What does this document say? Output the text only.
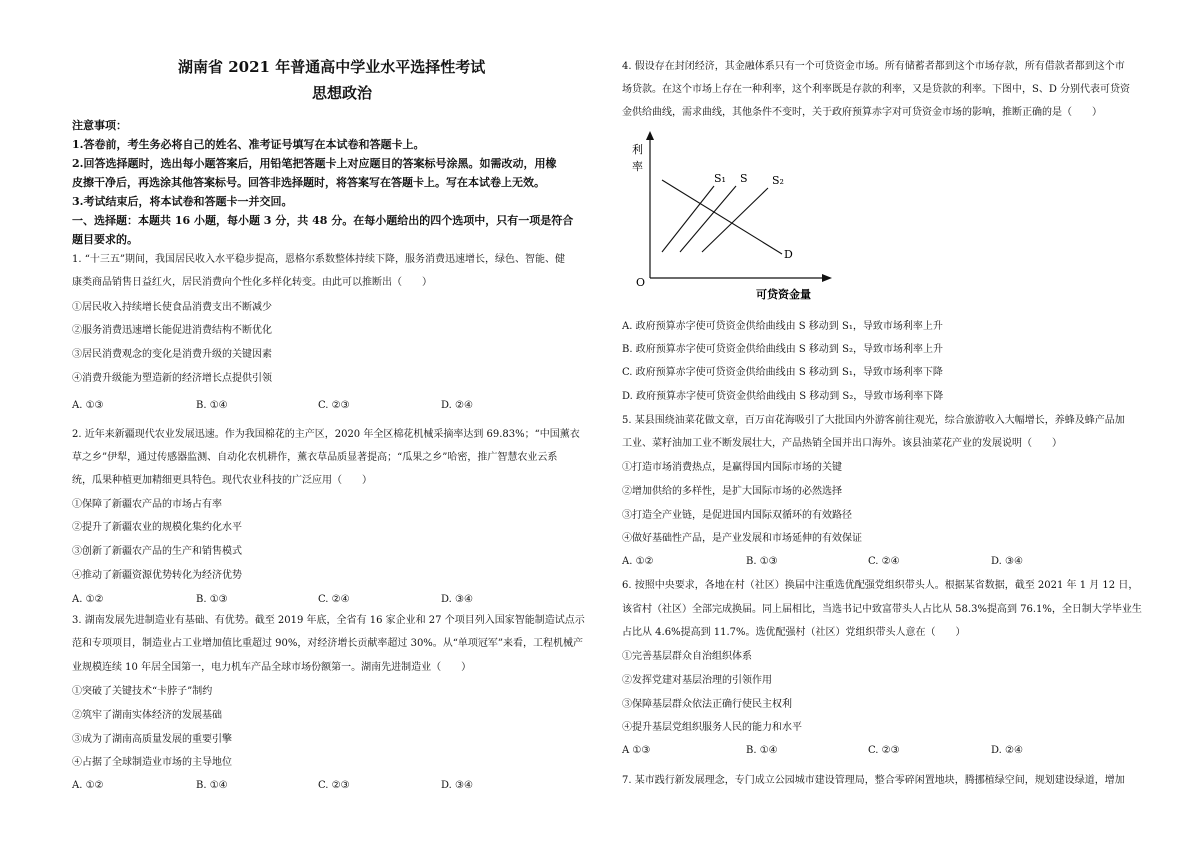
湖南省 2021 年普通高中学业水平选择性考试
思想政治
注意事项：
1.答卷前，考生务必将自己的姓名、准考证号填写在本试卷和答题卡上。
2.回答选择题时，选出每小题答案后，用铅笔把答题卡上对应题目的答案标号涂黑。如需改动，用橡
皮擦干净后，再选涂其他答案标号。回答非选择题时，将答案写在答题卡上。写在本试卷上无效。
3.考试结束后，将本试卷和答题卡一并交回。
一、选择题：本题共 16 小题，每小题 3 分，共 48 分。在每小题给出的四个选项中，只有一项是符合
题目要求的。
1. “十三五”期间，我国居民收入水平稳步提高，恩格尔系数整体持续下降，服务消费迅速增长，绿色、智能、健
康类商品销售日益红火，居民消费向个性化多样化转变。由此可以推断出（　　）
①居民收入持续增长使食品消费支出不断减少
②服务消费迅速增长能促进消费结构不断优化
③居民消费观念的变化是消费升级的关键因素
④消费升级能为塑造新的经济增长点提供引领
A. ①③	B. ①④	C. ②③	D. ②④
2. 近年来新疆现代农业发展迅速。作为我国棉花的主产区，2020 年全区棉花机械采摘率达到 69.83%；“中国薰衣
草之乡”伊犁，通过传感器监测、自动化农机耕作，薰衣草品质显著提高；“瓜果之乡”哈密，推广智慧农业云系
统，瓜果种植更加精细更具特色。现代农业科技的广泛应用（　　）
①保障了新疆农产品的市场占有率
②提升了新疆农业的规模化集约化水平
③创新了新疆农产品的生产和销售模式
④推动了新疆资源优势转化为经济优势
A. ①②	B. ①③	C. ②④	D. ③④
3. 湖南发展先进制造业有基础、有优势。截至 2019 年底，全省有 16 家企业和 27 个项目列入国家智能制造试点示
范和专项项目，制造业占工业增加值比重超过 90%，对经济增长贡献率超过 30%。从“单项冠军”来看，工程机械产
业规模连续 10 年居全国第一，电力机车产品全球市场份额第一。湖南先进制造业（　　）
①突破了关键技术“卡脖子”制约
②筑牢了湖南实体经济的发展基础
③成为了湖南高质量发展的重要引擎
④占据了全球制造业市场的主导地位
A. ①②	B. ①④	C. ②③	D. ③④
4. 假设存在封闭经济，其金融体系只有一个可贷资金市场。所有储蓄者都到这个市场存款，所有借款者都到这个市
场贷款。在这个市场上存在一种利率，这个利率既是存款的利率，又是贷款的利率。下图中，S、D 分别代表可贷资
金供给曲线，需求曲线，其他条件不变时，关于政府预算赤字对可贷资金市场的影响，推断正确的是（　　）
利
率
O
可贷资金量
S₁ S S₂
D
A. 政府预算赤字使可贷资金供给曲线由 S 移动到 S₁，导致市场利率上升
B. 政府预算赤字使可贷资金供给曲线由 S 移动到 S₂，导致市场利率上升
C. 政府预算赤字使可贷资金供给曲线由 S 移动到 S₁，导致市场利率下降
D. 政府预算赤字使可贷资金供给曲线由 S 移动到 S₂，导致市场利率下降
5. 某县围绕油菜花做文章，百万亩花海吸引了大批国内外游客前往观光，综合旅游收入大幅增长，养蜂及蜂产品加
工业、菜籽油加工业不断发展壮大，产品热销全国并出口海外。该县油菜花产业的发展说明（　　）
①打造市场消费热点，是赢得国内国际市场的关键
②增加供给的多样性，是扩大国际市场的必然选择
③打造全产业链，是促进国内国际双循环的有效路径
④做好基础性产品，是产业发展和市场延伸的有效保证
A. ①②	B. ①③	C. ②④	D. ③④
6. 按照中央要求，各地在村（社区）换届中注重选优配强党组织带头人。根据某省数据，截至 2021 年 1 月 12 日，
该省村（社区）全部完成换届。同上届相比，当选书记中致富带头人占比从 58.3%提高到 76.1%，全日制大学毕业生
占比从 4.6%提高到 11.7%。选优配强村（社区）党组织带头人意在（　　）
①完善基层群众自治组织体系
②发挥党建对基层治理的引领作用
③保障基层群众依法正确行使民主权利
④提升基层党组织服务人民的能力和水平
A ①③	B. ①④	C. ②③	D. ②④
7. 某市践行新发展理念，专门成立公园城市建设管理局，整合零碎闲置地块，腾挪植绿空间，规划建设绿道，增加
